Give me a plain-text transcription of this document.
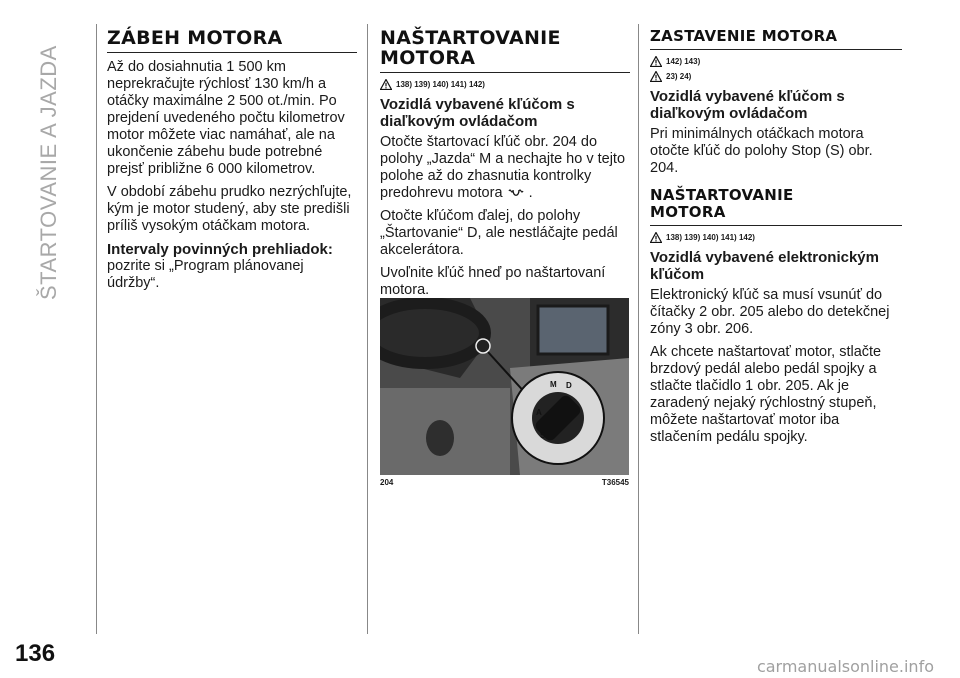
ŠTARTOVANIE A JAZDA
136
ZÁBEH MOTORA

Až do dosiahnutia 1 500 km neprekračujte rýchlosť 130 km/h a otáčky maximálne 2 500 ot./min. Po prejdení uvedeného počtu kilometrov motor môžete viac namáhať, ale na ukončenie zábehu bude potrebné prejsť približne 6 000 kilometrov.

V období zábehu prudko nezrýchľujte, kým je motor studený, aby ste predišli príliš vysokým otáčkam motora.

Intervaly povinných prehliadok:

pozrite si „Program plánovanej údržby“.

NAŠTARTOVANIE MOTORA
138) 139) 140) 141) 142)
Vozidlá vybavené kľúčom s diaľkovým ovládačom

Otočte štartovací kľúč obr. 204 do polohy „Jazda“ M a nechajte ho v tejto polohe až do zhasnutia kontrolky predohrevu motora .

Otočte kľúčom ďalej, do polohy „Štartovanie“ D, ale nestláčajte pedál akcelerátora.

Uvoľnite kľúč hneď po naštartovaní motora.

A
M D
S
204	T36545
ZASTAVENIE MOTORA
142) 143)
23) 24)
Vozidlá vybavené kľúčom s diaľkovým ovládačom

Pri minimálnych otáčkach motora otočte kľúč do polohy Stop (S) obr. 204.

NAŠTARTOVANIE MOTORA
138) 139) 140) 141) 142)
Vozidlá vybavené elektronickým kľúčom

Elektronický kľúč sa musí vsunúť do čítačky 2 obr. 205 alebo do detekčnej zóny 3 obr. 206.

Ak chcete naštartovať motor, stlačte brzdový pedál alebo pedál spojky a stlačte tlačidlo 1 obr. 205. Ak je zaradený nejaký rýchlostný stupeň, môžete naštartovať motor iba stlačením pedálu spojky.

carmanualsonline.info
